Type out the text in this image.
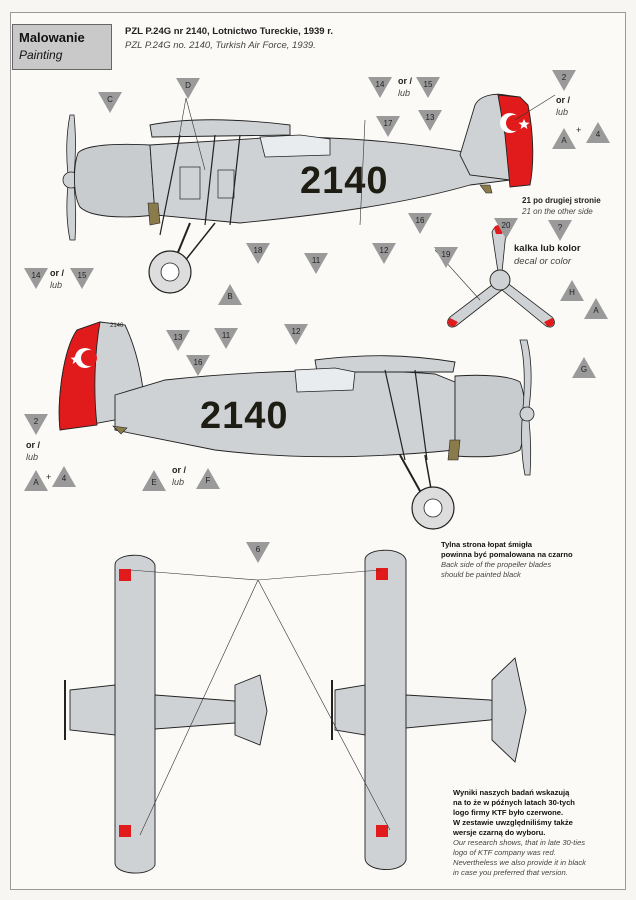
Malowanie
Painting
PZL P.24G nr 2140, Lotnictwo Tureckie, 1939 r.
PZL P.24G no. 2140, Turkish Air Force, 1939.
2140
2140
2140
C
D	14	15
13
17
2
A
4
18
11
12
16
20	?
B
19
H
A
14	15
13	11	12
16
G
2
A	4	E	F
6
or /
lub
or /
lub
or /
lub
or /
lub
or /
lub
+
+
21 po drugiej stronie
21 on the other side
kalka lub kolor
decal or color
Tylna strona łopat śmigła
powinna być pomalowana na czarno
Back side of the propeller blades
should be painted black
Wyniki naszych badań wskazują
na to że w późnych latach 30-tych
logo firmy KTF było czerwone.
W zestawie uwzględniliśmy także
wersje czarną do wyboru.
Our research shows, that in late 30-ties
logo of KTF company was red.
Nevertheless we also provide it in black
in case you preferred that version.
